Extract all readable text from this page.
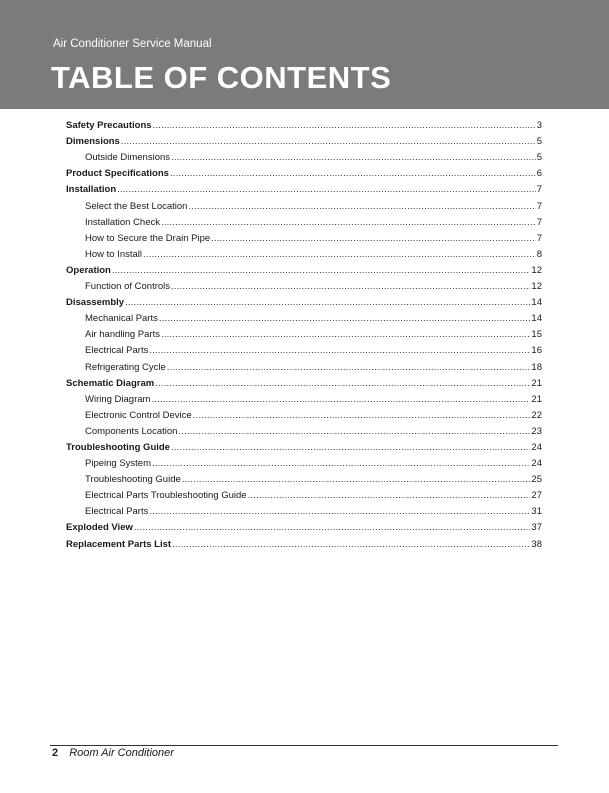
Air Conditioner Service Manual
TABLE OF CONTENTS
Safety Precautions .....	3
Dimensions .....	5
Outside Dimensions .....	5
Product Specifications .....	6
Installation .....	7
Select the Best Location .....	7
Installation Check .....	7
How to Secure the Drain Pipe .....	7
How to Install .....	8
Operation .....	12
Function of Controls .....	12
Disassembly .....	14
Mechanical Parts .....	14
Air handling Parts .....	15
Electrical Parts .....	16
Refrigerating Cycle .....	18
Schematic Diagram .....	21
Wiring Diagram .....	21
Electronic Control Device .....	22
Components Location .....	23
Troubleshooting Guide .....	24
Pipeing System .....	24
Troubleshooting Guide .....	25
Electrical Parts Troubleshooting Guide .....	27
Electrical Parts .....	31
Exploded View .....	37
Replacement Parts List .....	38
2 Room Air Conditioner
